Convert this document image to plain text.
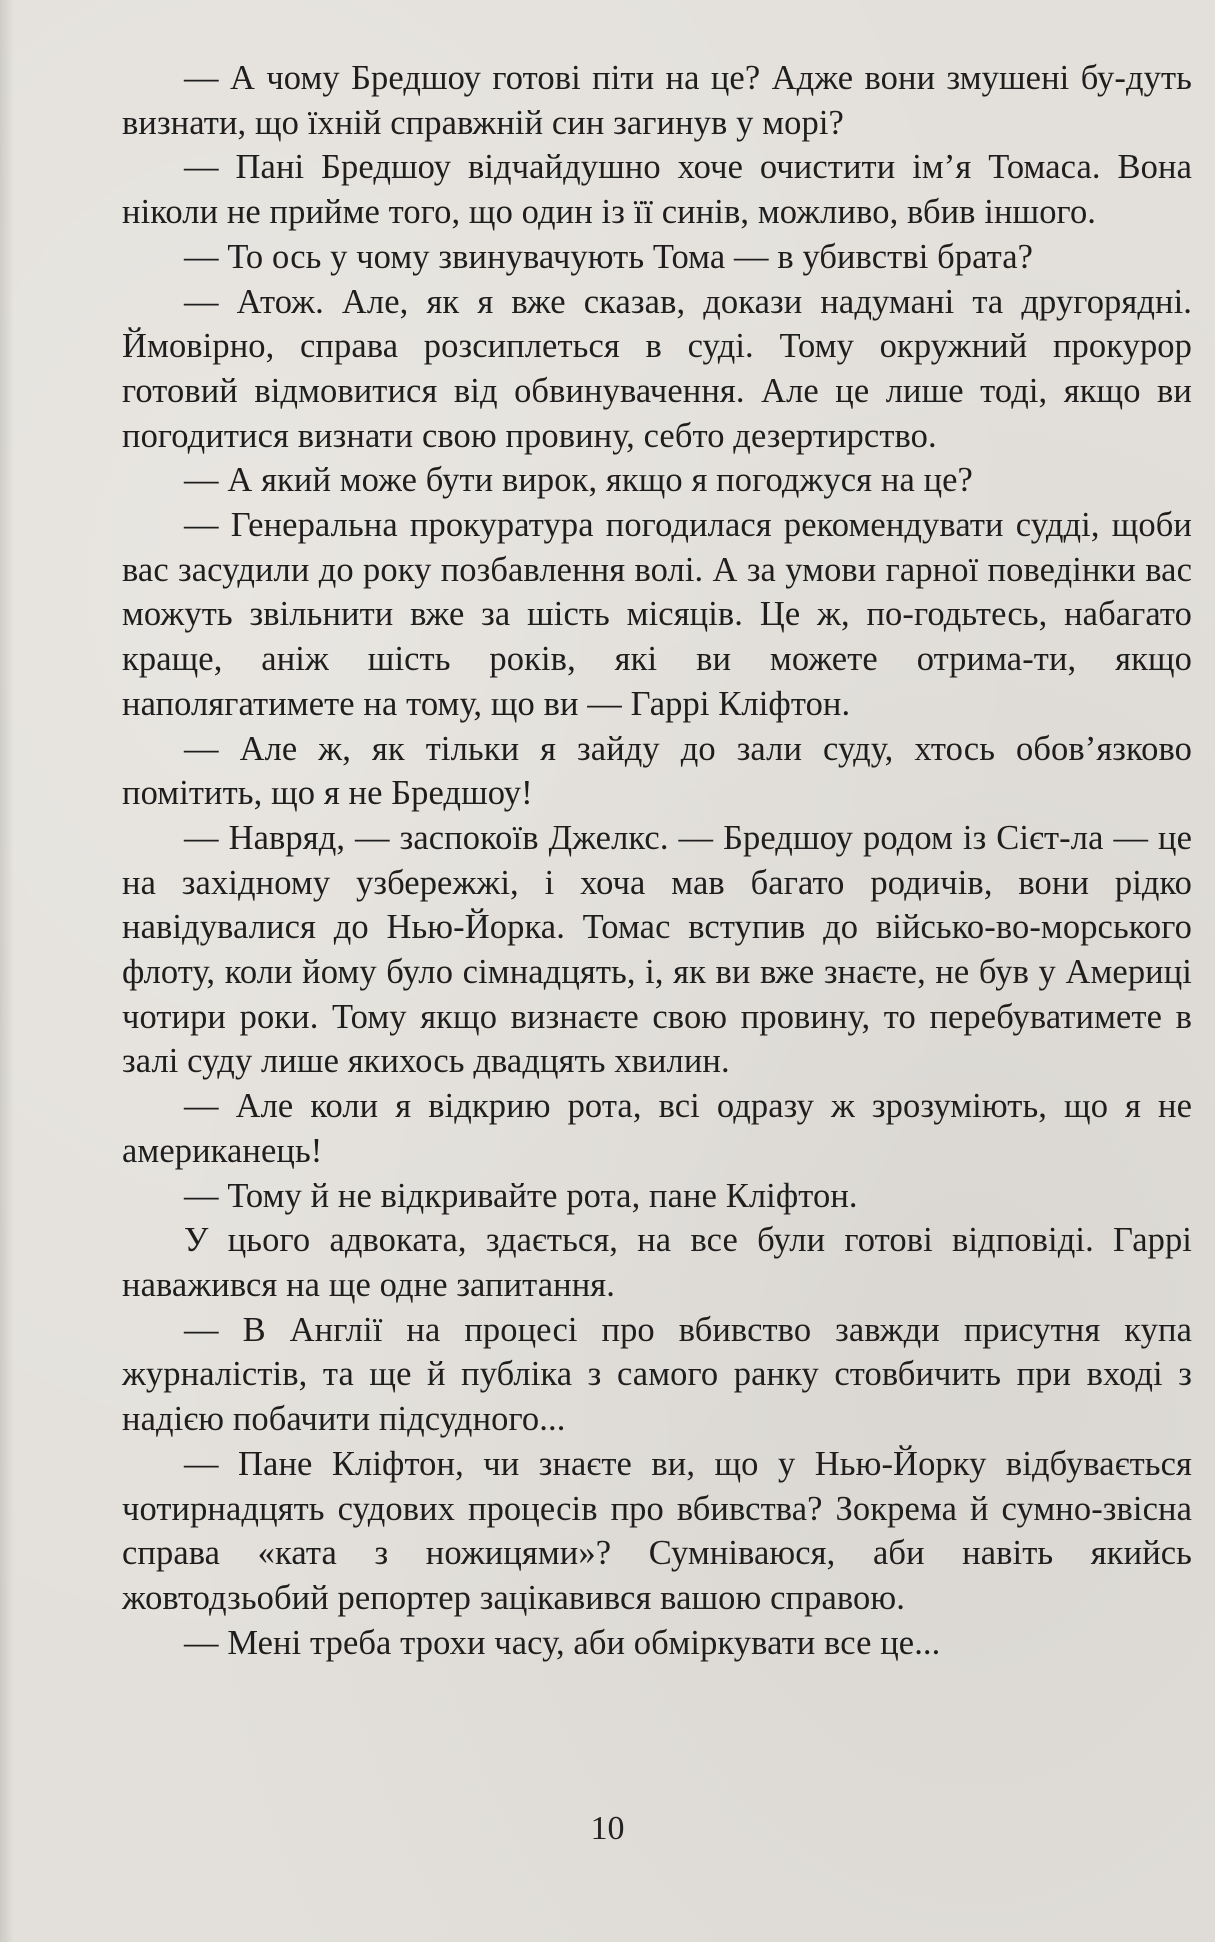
— А чому Бредшоу готові піти на це? Адже вони змушені бу-дуть визнати, що їхній справжній син загинув у морі?

— Пані Бредшоу відчайдушно хоче очистити ім’я Томаса. Вона ніколи не прийме того, що один із її синів, можливо, вбив іншого.

— То ось у чому звинувачують Тома — в убивстві брата?

— Атож. Але, як я вже сказав, докази надумані та другорядні. Ймовірно, справа розсиплеться в суді. Тому окружний прокурор готовий відмовитися від обвинувачення. Але це лише тоді, якщо ви погодитися визнати свою провину, себто дезертирство.

— А який може бути вирок, якщо я погоджуся на це?

— Генеральна прокуратура погодилася рекомендувати судді, щоби вас засудили до року позбавлення волі. А за умови гарної поведінки вас можуть звільнити вже за шість місяців. Це ж, по-годьтесь, набагато краще, аніж шість років, які ви можете отрима-ти, якщо наполягатимете на тому, що ви — Гаррі Кліфтон.

— Але ж, як тільки я зайду до зали суду, хтось обов’язково помітить, що я не Бредшоу!

— Навряд, — заспокоїв Джелкс. — Бредшоу родом із Сієт-ла — це на західному узбережжі, і хоча мав багато родичів, вони рідко навідувалися до Нью-Йорка. Томас вступив до військо-во-морського флоту, коли йому було сімнадцять, і, як ви вже знаєте, не був у Америці чотири роки. Тому якщо визнаєте свою провину, то перебуватимете в залі суду лише якихось двадцять хвилин.

— Але коли я відкрию рота, всі одразу ж зрозуміють, що я не американець!

— Тому й не відкривайте рота, пане Кліфтон.

У цього адвоката, здається, на все були готові відповіді. Гаррі наважився на ще одне запитання.

— В Англії на процесі про вбивство завжди присутня купа журналістів, та ще й публіка з самого ранку стовбичить при вході з надією побачити підсудного...

— Пане Кліфтон, чи знаєте ви, що у Нью-Йорку відбувається чотирнадцять судових процесів про вбивства? Зокрема й сумно-звісна справа «ката з ножицями»? Сумніваюся, аби навіть якийсь жовтодзьобий репортер зацікавився вашою справою.

— Мені треба трохи часу, аби обміркувати все це...

10
